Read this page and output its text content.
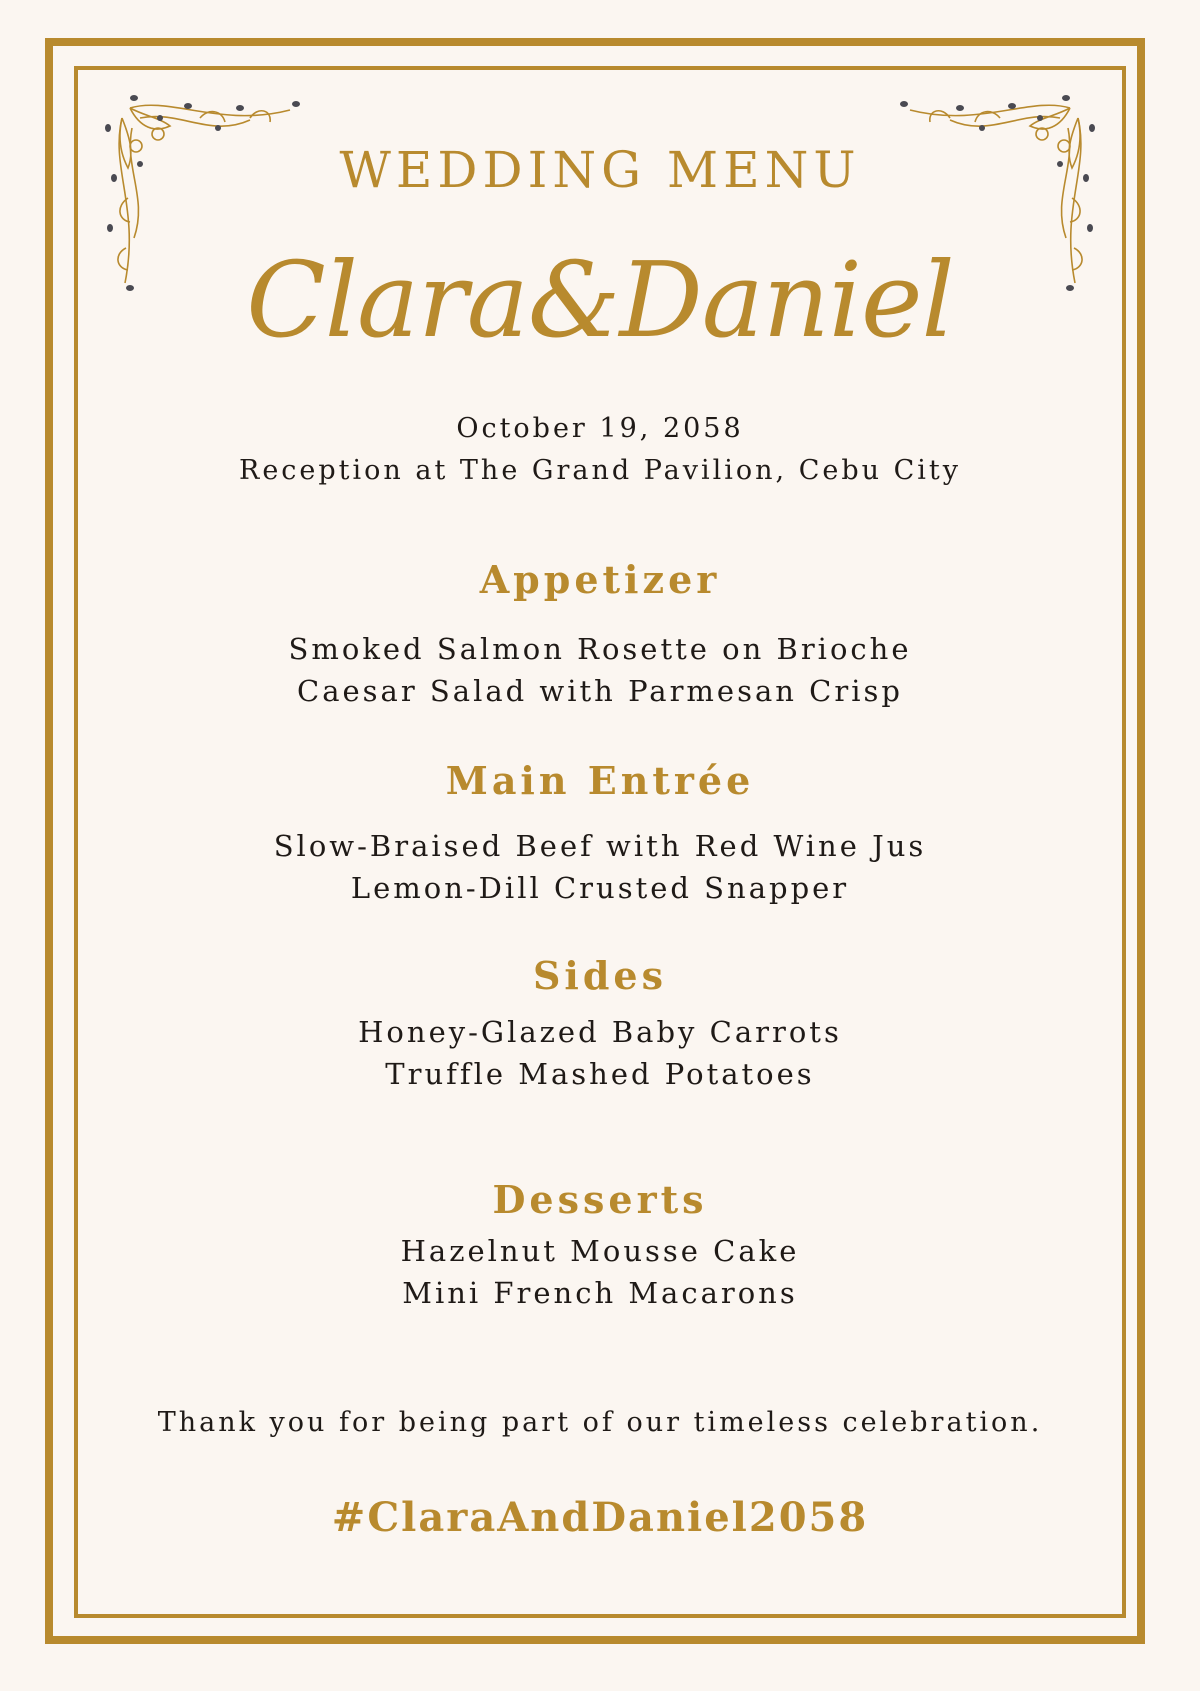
WEDDING MENU
Clara&Daniel
October 19, 2058
Reception at The Grand Pavilion, Cebu City
Appetizer
Smoked Salmon Rosette on Brioche
Caesar Salad with Parmesan Crisp
Main Entrée
Slow-Braised Beef with Red Wine Jus
Lemon-Dill Crusted Snapper
Sides
Honey-Glazed Baby Carrots
Truffle Mashed Potatoes
Desserts
Hazelnut Mousse Cake
Mini French Macarons
Thank you for being part of our timeless celebration.
#ClaraAndDaniel2058
